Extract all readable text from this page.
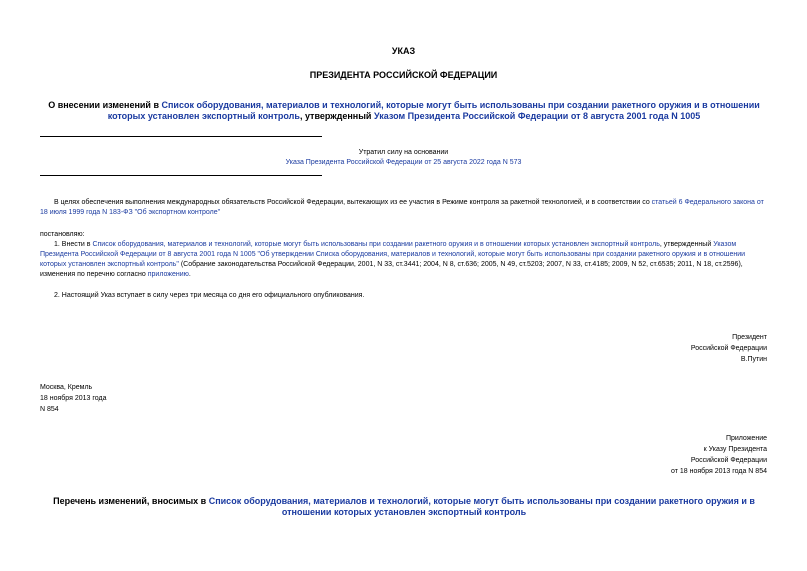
УКАЗ
ПРЕЗИДЕНТА РОССИЙСКОЙ ФЕДЕРАЦИИ
О внесении изменений в Список оборудования, материалов и технологий, которые могут быть использованы при создании ракетного оружия и в отношении которых установлен экспортный контроль, утвержденный Указом Президента Российской Федерации от 8 августа 2001 года N 1005
Утратил силу на основании
Указа Президента Российской Федерации от 25 августа 2022 года N 573
В целях обеспечения выполнения международных обязательств Российской Федерации, вытекающих из ее участия в Режиме контроля за ракетной технологией, и в соответствии со статьей 6 Федерального закона от 18 июля 1999 года N 183-ФЗ "Об экспортном контроле"
постановляю:
1. Внести в Список оборудования, материалов и технологий, которые могут быть использованы при создании ракетного оружия и в отношении которых установлен экспортный контроль, утвержденный Указом Президента Российской Федерации от 8 августа 2001 года N 1005 "Об утверждении Списка оборудования, материалов и технологий, которые могут быть использованы при создании ракетного оружия и в отношении которых установлен экспортный контроль" (Собрание законодательства Российской Федерации, 2001, N 33, ст.3441; 2004, N 8, ст.636; 2005, N 49, ст.5203; 2007, N 33, ст.4185; 2009, N 52, ст.6535; 2011, N 18, ст.2596), изменения по перечню согласно приложению.
2. Настоящий Указ вступает в силу через три месяца со дня его официального опубликования.
Президент
Российской Федерации
В.Путин
Москва, Кремль
18 ноября 2013 года
N 854
Приложение
к Указу Президента
Российской Федерации
от 18 ноября 2013 года N 854
Перечень изменений, вносимых в Список оборудования, материалов и технологий, которые могут быть использованы при создании ракетного оружия и в отношении которых установлен экспортный контроль
